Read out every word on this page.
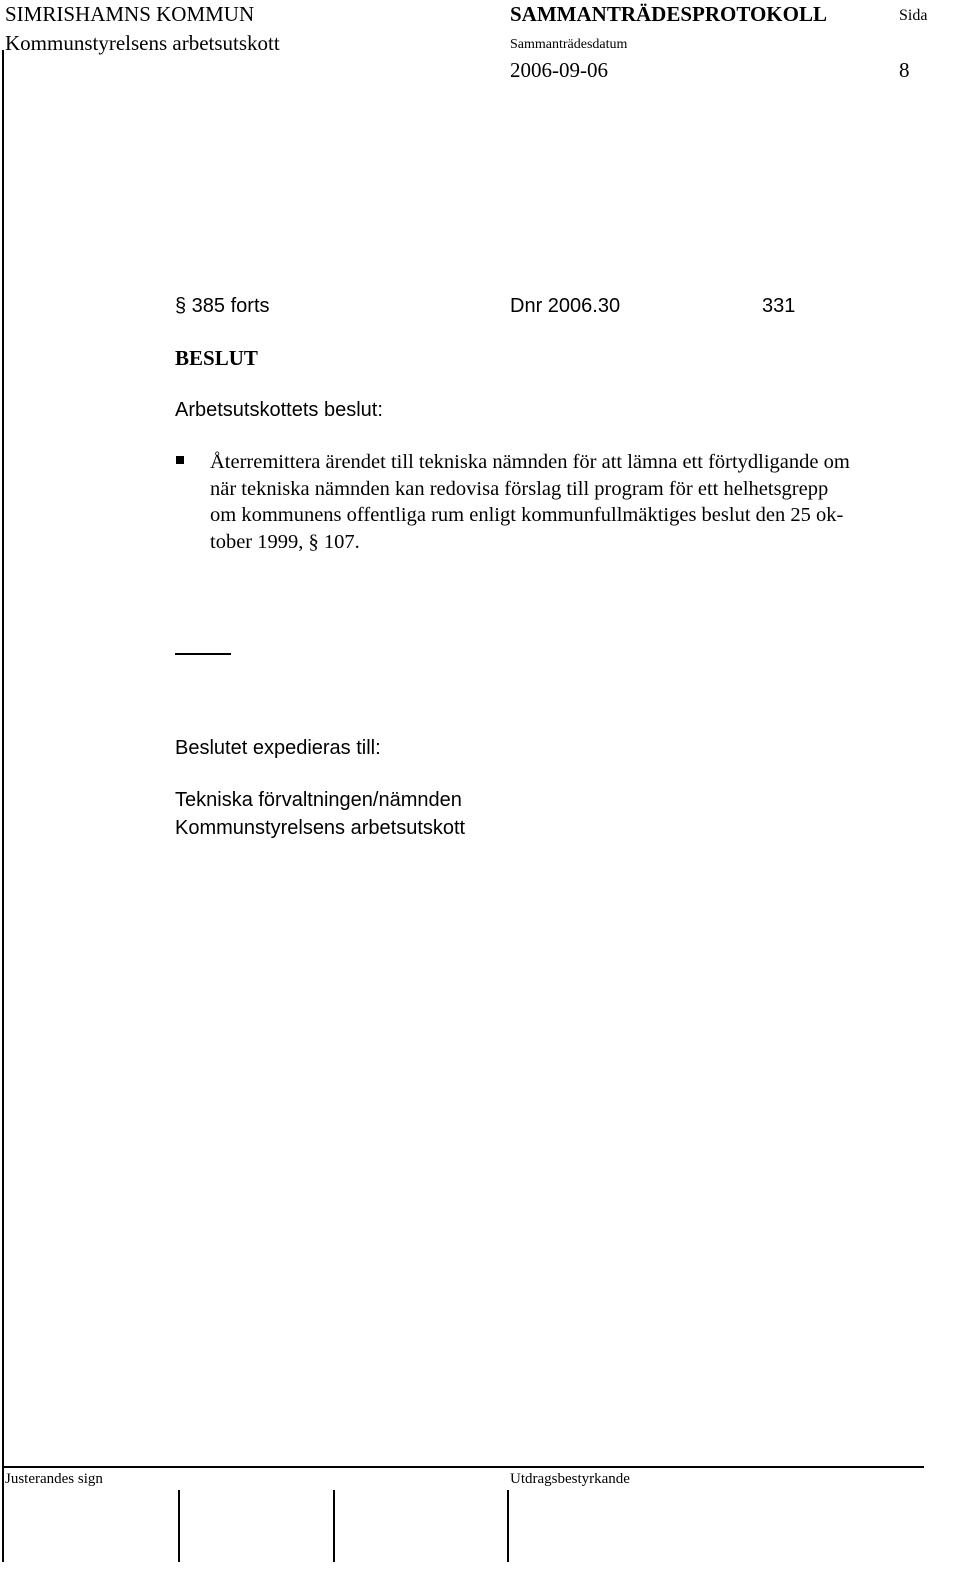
SIMRISHAMNS KOMMUN
Kommunstyrelsens arbetsutskott
SAMMANTRÄDESPROTOKOLL	Sida
Sammanträdesdatum
2006-09-06	8
§ 385 forts	Dnr 2006.30	331
BESLUT
Arbetsutskottets beslut:
Återremittera ärendet till tekniska nämnden för att lämna ett förtydligande om
när tekniska nämnden kan redovisa förslag till program för ett helhetsgrepp
om kommunens offentliga rum enligt kommunfullmäktiges beslut den 25 ok-
tober 1999, § 107.
Beslutet expedieras till:
Tekniska förvaltningen/nämnden
Kommunstyrelsens arbetsutskott
Justerandes sign	Utdragsbestyrkande
